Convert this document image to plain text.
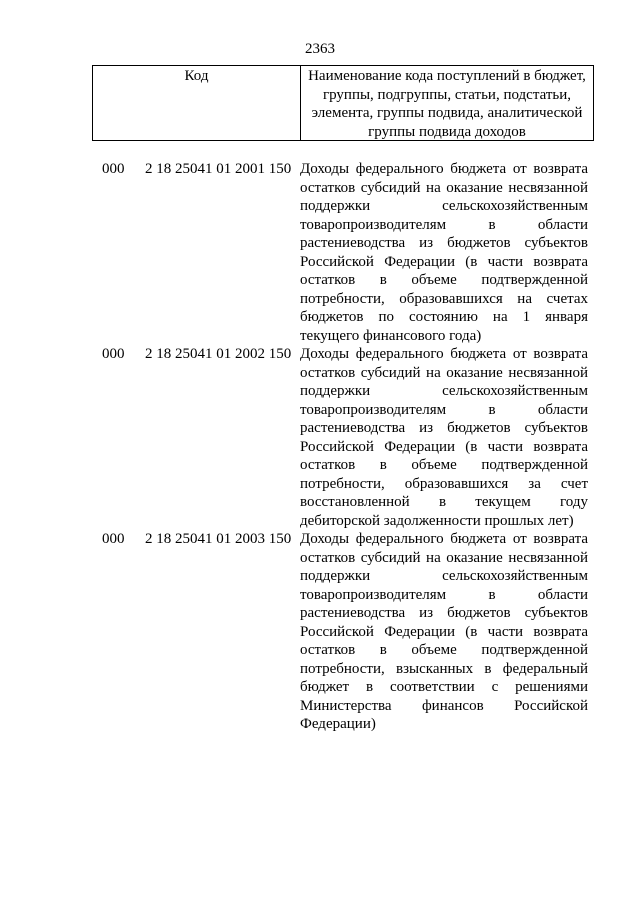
2363
Код	Наименование кода поступлений в бюджет, группы, подгруппы, статьи, подстатьи, элемента, группы подвида, аналитической группы подвида доходов
000 2 18 25041 01 2001 150 Доходы федерального бюджета от возврата остатков субсидий на оказание несвязанной поддержки сельскохозяйственным товаропроизводителям в области растениеводства из бюджетов субъектов Российской Федерации (в части возврата остатков в объеме подтвержденной потребности, образовавшихся на счетах бюджетов по состоянию на 1 января текущего финансового года)
000 2 18 25041 01 2002 150 Доходы федерального бюджета от возврата остатков субсидий на оказание несвязанной поддержки сельскохозяйственным товаропроизводителям в области растениеводства из бюджетов субъектов Российской Федерации (в части возврата остатков в объеме подтвержденной потребности, образовавшихся за счет восстановленной в текущем году дебиторской задолженности прошлых лет)
000 2 18 25041 01 2003 150 Доходы федерального бюджета от возврата остатков субсидий на оказание несвязанной поддержки сельскохозяйственным товаропроизводителям в области растениеводства из бюджетов субъектов Российской Федерации (в части возврата остатков в объеме подтвержденной потребности, взысканных в федеральный бюджет в соответствии с решениями Министерства финансов Российской Федерации)
